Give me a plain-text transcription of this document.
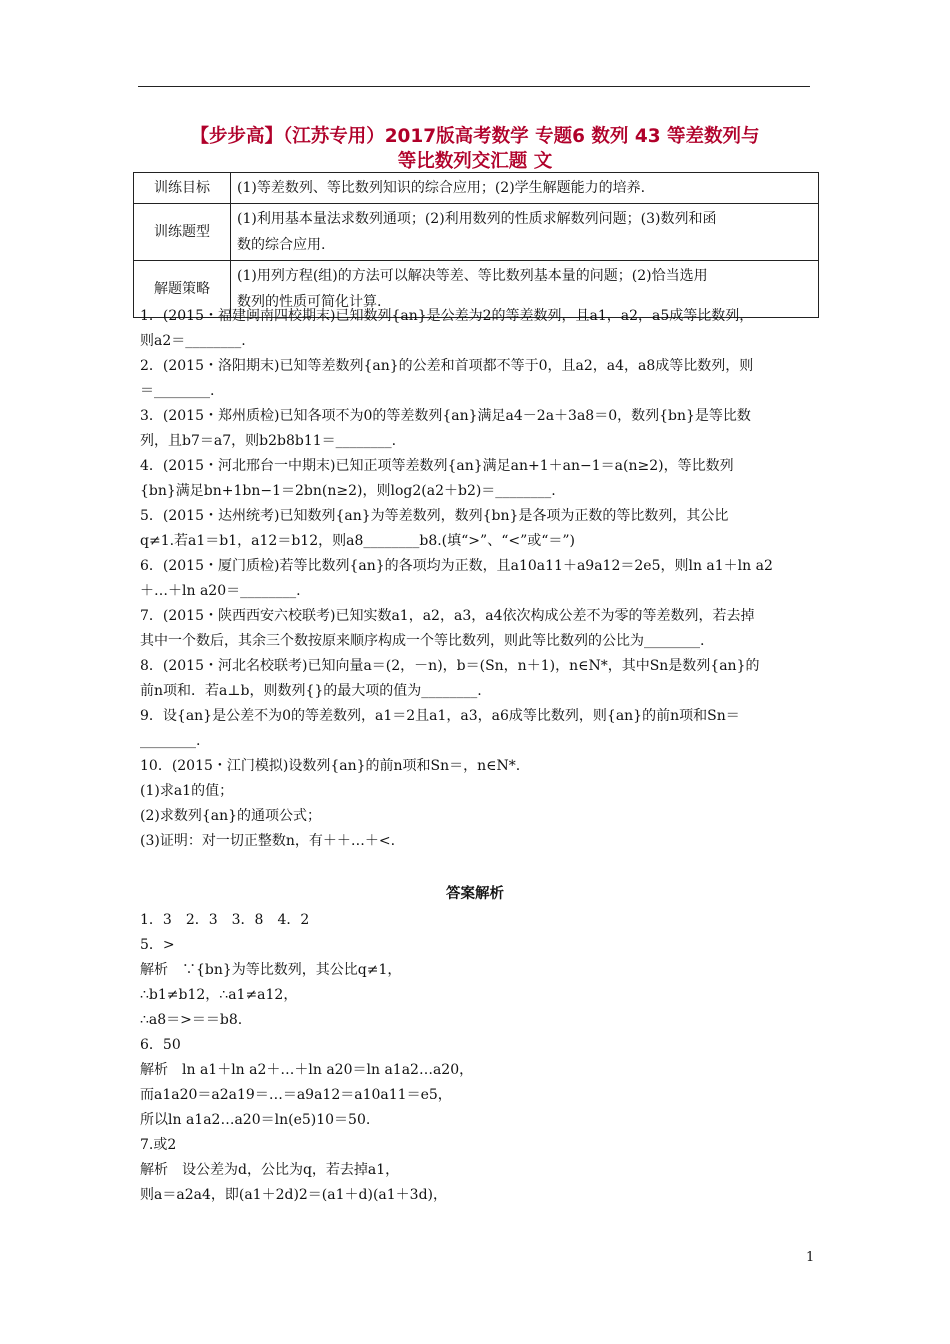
【步步高】（江苏专用）2017版高考数学 专题6 数列 43 等差数列与
等比数列交汇题 文
训练目标	(1)等差数列、等比数列知识的综合应用；(2)学生解题能力的培养.

训练题型	(1)利用基本量法求数列通项；(2)利用数列的性质求解数列问题；(3)数列和函
数的综合应用.

解题策略	(1)用列方程(组)的方法可以解决等差、等比数列基本量的问题；(2)恰当选用
数列的性质可简化计算.
1．(2015・福建闽南四校期末)已知数列{an}是公差为2的等差数列，且a1，a2，a5成等比数列，
则a2＝________.
2．(2015・洛阳期末)已知等差数列{an}的公差和首项都不等于0，且a2，a4，a8成等比数列，则
＝________.
3．(2015・郑州质检)已知各项不为0的等差数列{an}满足a4－2a＋3a8＝0，数列{bn}是等比数
列，且b7＝a7，则b2b8b11＝________.
4．(2015・河北邢台一中期末)已知正项等差数列{an}满足an+1＋an−1＝a(n≥2)，等比数列
{bn}满足bn+1bn−1＝2bn(n≥2)，则log2(a2＋b2)＝________.
5．(2015・达州统考)已知数列{an}为等差数列，数列{bn}是各项为正数的等比数列，其公比
q≠1.若a1＝b1，a12＝b12，则a8________b8.(填“>”、“<”或“＝”)
6．(2015・厦门质检)若等比数列{an}的各项均为正数，且a10a11＋a9a12＝2e5，则ln a1＋ln a2
＋…＋ln a20＝________.
7．(2015・陕西西安六校联考)已知实数a1，a2，a3，a4依次构成公差不为零的等差数列，若去掉
其中一个数后，其余三个数按原来顺序构成一个等比数列，则此等比数列的公比为________.
8．(2015・河北名校联考)已知向量a＝(2，－n)，b＝(Sn，n＋1)，n∈N*，其中Sn是数列{an}的
前n项和．若a⊥b，则数列{}的最大项的值为________.
9．设{an}是公差不为0的等差数列，a1＝2且a1，a3，a6成等比数列，则{an}的前n项和Sn＝
________.
10．(2015・江门模拟)设数列{an}的前n项和Sn＝，n∈N*.
(1)求a1的值；
(2)求数列{an}的通项公式；
(3)证明：对一切正整数n，有＋＋…＋<.
答案解析
1．3　2．3　3．8　4．2
5．>
解析　∵{bn}为等比数列，其公比q≠1，
∴b1≠b12，∴a1≠a12，
∴a8＝>＝＝b8.
6．50
解析　ln a1＋ln a2＋…＋ln a20＝ln a1a2…a20，
而a1a20＝a2a19＝…＝a9a12＝a10a11＝e5，
所以ln a1a2…a20＝ln(e5)10＝50.
7.或2
解析　设公差为d，公比为q，若去掉a1，
则a＝a2a4，即(a1＋2d)2＝(a1＋d)(a1＋3d)，
1
